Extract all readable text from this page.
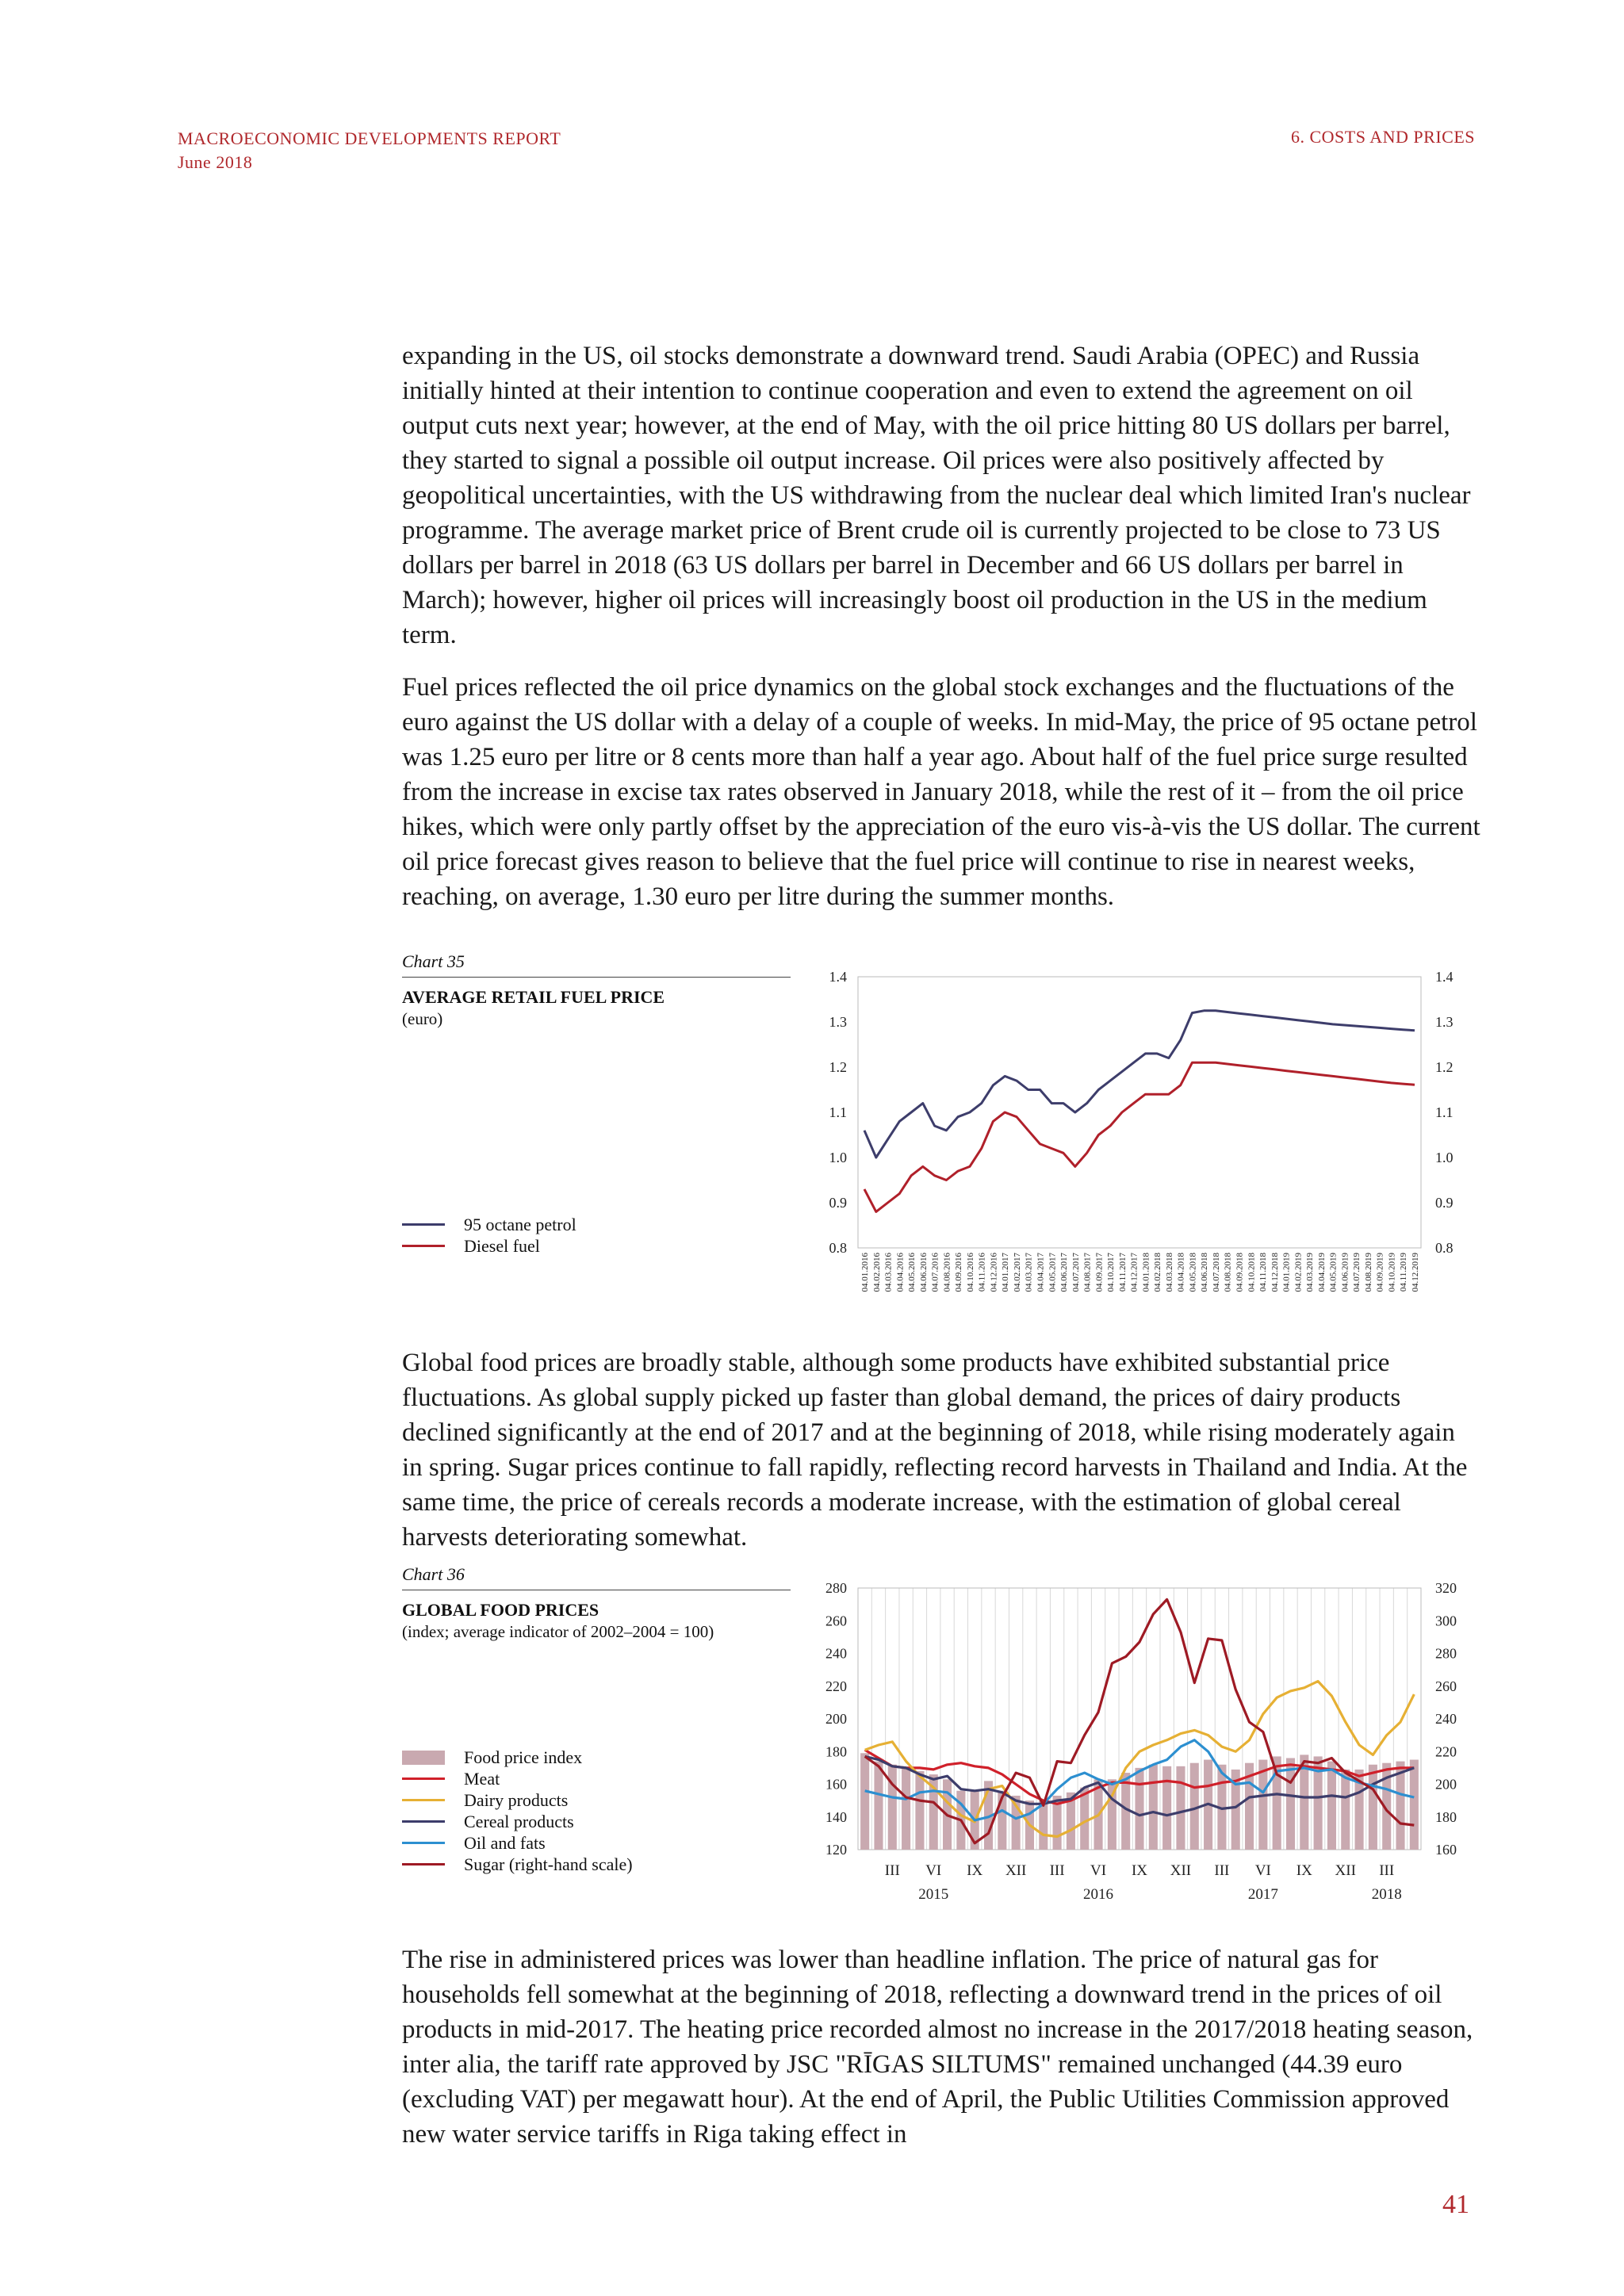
MACROECONOMIC DEVELOPMENTS REPORT
June 2018
6. COSTS AND PRICES

expanding in the US, oil stocks demonstrate a downward trend. Saudi Arabia (OPEC) and Russia initially hinted at their intention to continue cooperation and even to extend the agreement on oil output cuts next year; however, at the end of May, with the oil price hitting 80 US dollars per barrel, they started to signal a possible oil output increase. Oil prices were also positively affected by geopolitical uncertainties, with the US withdrawing from the nuclear deal which limited Iran's nuclear programme. The average market price of Brent crude oil is currently projected to be close to 73 US dollars per barrel in 2018 (63 US dollars per barrel in December and 66 US dollars per barrel in March); however, higher oil prices will increasingly boost oil production in the US in the medium term.

Fuel prices reflected the oil price dynamics on the global stock exchanges and the fluctuations of the euro against the US dollar with a delay of a couple of weeks. In mid-May, the price of 95 octane petrol was 1.25 euro per litre or 8 cents more than half a year ago. About half of the fuel price surge resulted from the increase in excise tax rates observed in January 2018, while the rest of it – from the oil price hikes, which were only partly offset by the appreciation of the euro vis-à-vis the US dollar. The current oil price forecast gives reason to believe that the fuel price will continue to rise in nearest weeks, reaching, on average, 1.30 euro per litre during the summer months.

Chart 35
AVERAGE RETAIL FUEL PRICE
(euro)
95 octane petrol
Diesel fuel
1.4	1.4
1.3	1.3
1.2	1.2
1.1	1.1
1.0	1.0
0.9	0.9
0.8	0.8
04.01.2016 04.02.2016 04.03.2016 04.04.2016 04.05.2016 04.06.2016 04.07.2016 04.08.2016 04.09.2016 04.10.2016 04.11.2016 04.12.2016 04.01.2017 04.02.2017 04.03.2017 04.04.2017 04.05.2017 04.06.2017 04.07.2017 04.08.2017 04.09.2017 04.10.2017 04.11.2017 04.12.2017 04.01.2018 04.02.2018 04.03.2018 04.04.2018 04.05.2018 04.06.2018 04.07.2018 04.08.2018 04.09.2018 04.10.2018 04.11.2018 04.12.2018 04.01.2019 04.02.2019 04.03.2019 04.04.2019 04.05.2019 04.06.2019 04.07.2019 04.08.2019 04.09.2019 04.10.2019 04.11.2019 04.12.2019

Global food prices are broadly stable, although some products have exhibited substantial price fluctuations. As global supply picked up faster than global demand, the prices of dairy products declined significantly at the end of 2017 and at the beginning of 2018, while rising moderately again in spring. Sugar prices continue to fall rapidly, reflecting record harvests in Thailand and India. At the same time, the price of cereals records a moderate increase, with the estimation of global cereal harvests deteriorating somewhat.

Chart 36
GLOBAL FOOD PRICES
(index; average indicator of 2002–2004 = 100)
Food price index
Meat
Dairy products
Cereal products
Oil and fats
Sugar (right-hand scale)
280	320
260	300
240	280
220	260
200	240
180	220
160	200
140	180
120	160
III VI IX XII III VI IX XII III VI IX XII III
2015	2016	2017	2018

The rise in administered prices was lower than headline inflation. The price of natural gas for households fell somewhat at the beginning of 2018, reflecting a downward trend in the prices of oil products in mid-2017. The heating price recorded almost no increase in the 2017/2018 heating season, inter alia, the tariff rate approved by JSC "RĪGAS SILTUMS" remained unchanged (44.39 euro (excluding VAT) per megawatt hour). At the end of April, the Public Utilities Commission approved new water service tariffs in Riga taking effect in

41
